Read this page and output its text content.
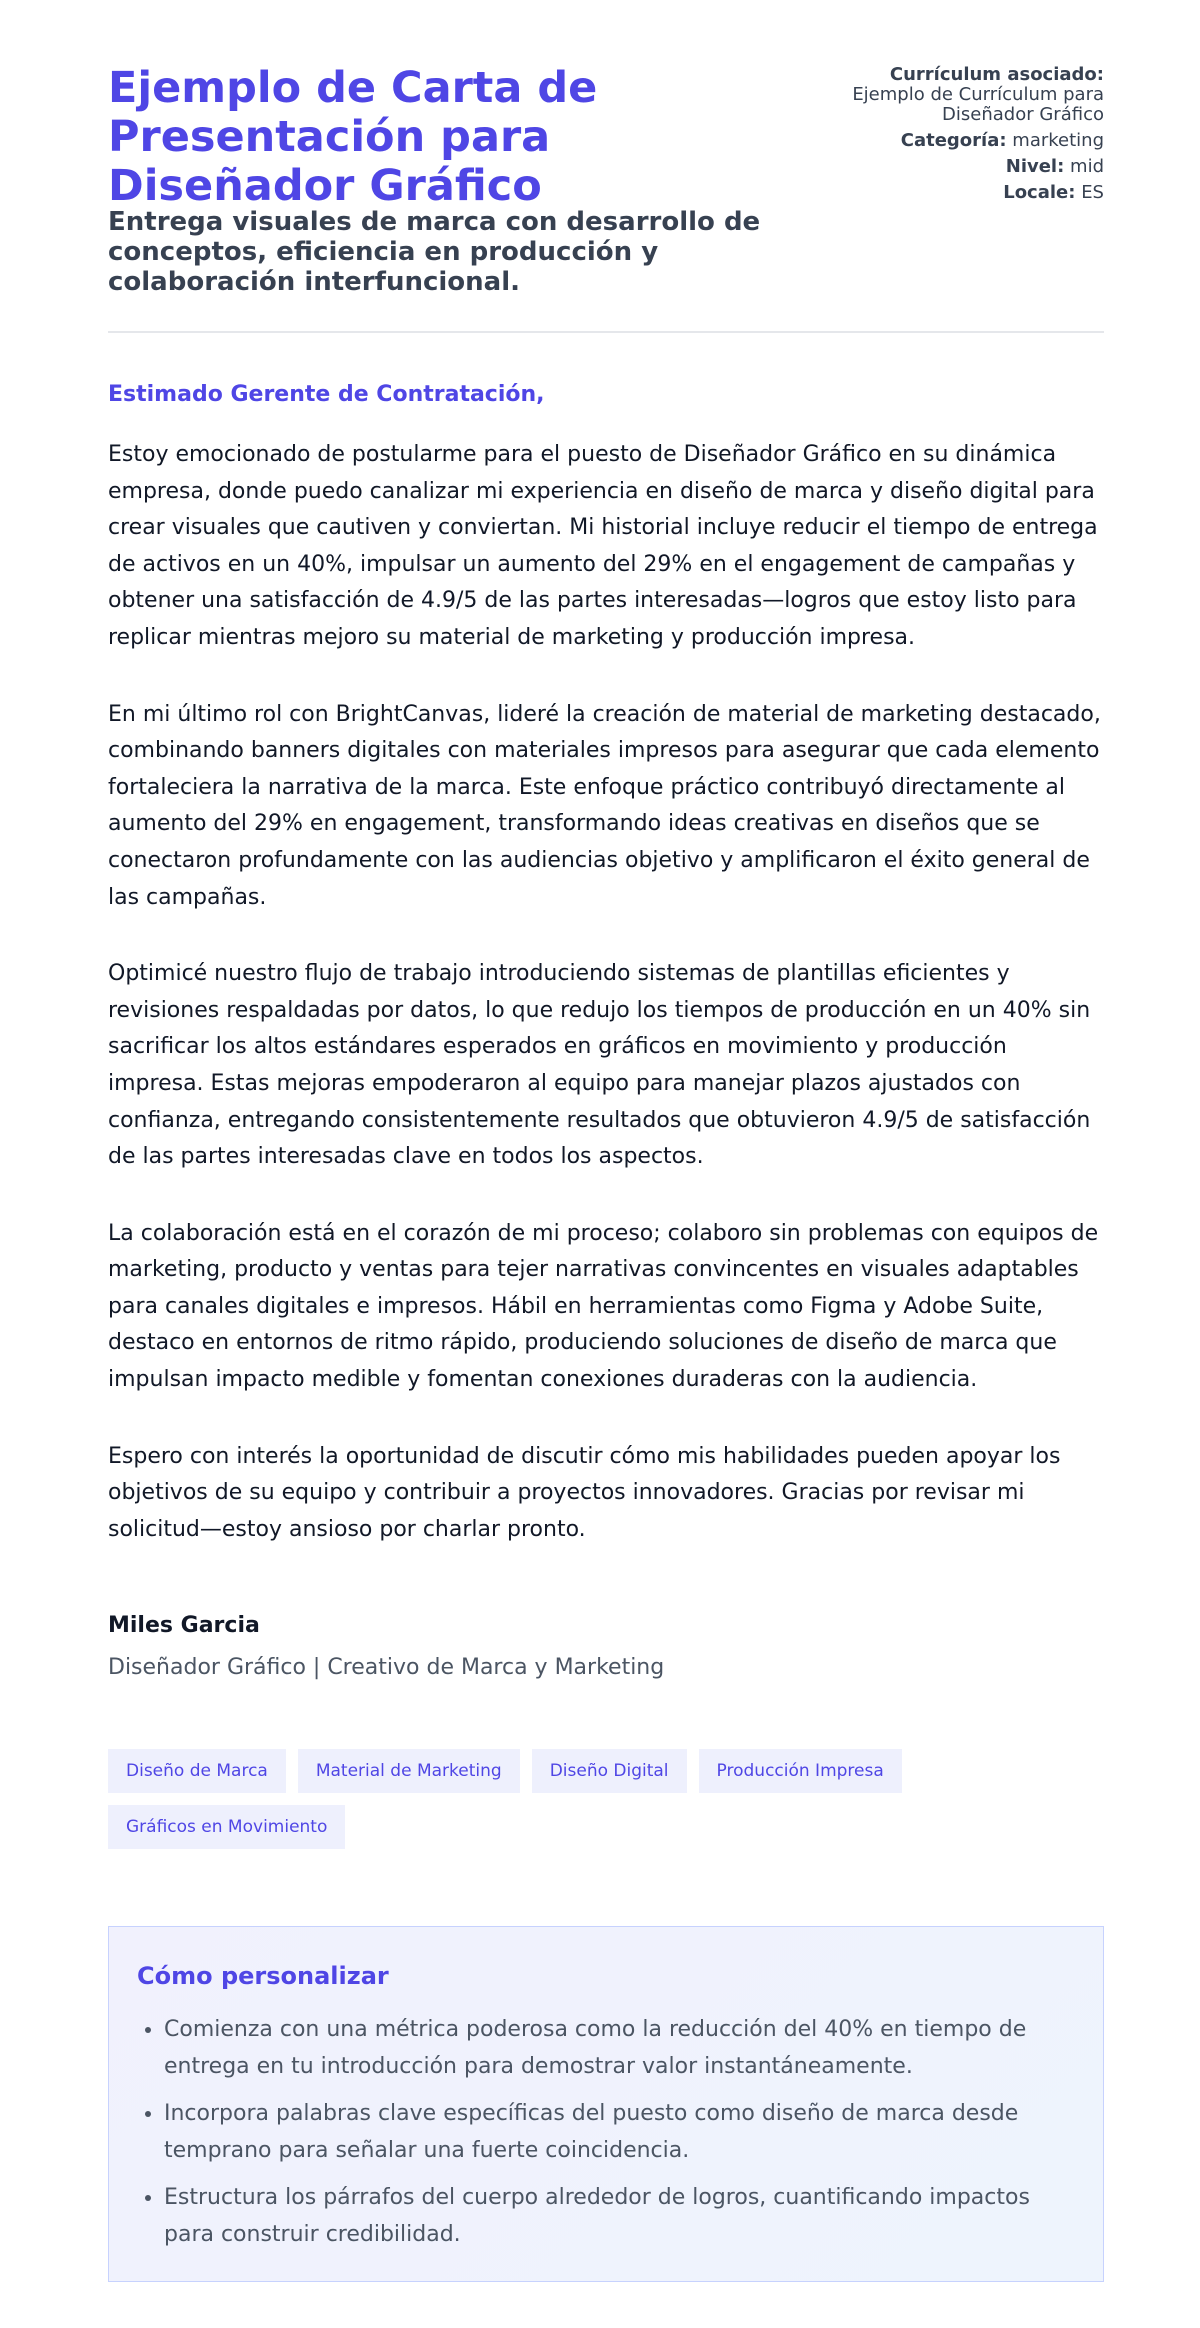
Ejemplo de Carta de Presentación para Diseñador Gráfico
Entrega visuales de marca con desarrollo de conceptos, eficiencia en producción y colaboración interfuncional.
Currículum asociado:
Ejemplo de Currículum para Diseñador Gráfico
Categoría: marketing
Nivel: mid
Locale: ES
Estimado Gerente de Contratación,

Estoy emocionado de postularme para el puesto de Diseñador Gráfico en su dinámica empresa, donde puedo canalizar mi experiencia en diseño de marca y diseño digital para crear visuales que cautiven y conviertan. Mi historial incluye reducir el tiempo de entrega de activos en un 40%, impulsar un aumento del 29% en el engagement de campañas y obtener una satisfacción de 4.9/5 de las partes interesadas—logros que estoy listo para replicar mientras mejoro su material de marketing y producción impresa.

En mi último rol con BrightCanvas, lideré la creación de material de marketing destacado, combinando banners digitales con materiales impresos para asegurar que cada elemento fortaleciera la narrativa de la marca. Este enfoque práctico contribuyó directamente al aumento del 29% en engagement, transformando ideas creativas en diseños que se conectaron profundamente con las audiencias objetivo y amplificaron el éxito general de las campañas.

Optimicé nuestro flujo de trabajo introduciendo sistemas de plantillas eficientes y revisiones respaldadas por datos, lo que redujo los tiempos de producción en un 40% sin sacrificar los altos estándares esperados en gráficos en movimiento y producción impresa. Estas mejoras empoderaron al equipo para manejar plazos ajustados con confianza, entregando consistentemente resultados que obtuvieron 4.9/5 de satisfacción de las partes interesadas clave en todos los aspectos.

La colaboración está en el corazón de mi proceso; colaboro sin problemas con equipos de marketing, producto y ventas para tejer narrativas convincentes en visuales adaptables para canales digitales e impresos. Hábil en herramientas como Figma y Adobe Suite, destaco en entornos de ritmo rápido, produciendo soluciones de diseño de marca que impulsan impacto medible y fomentan conexiones duraderas con la audiencia.

Espero con interés la oportunidad de discutir cómo mis habilidades pueden apoyar los objetivos de su equipo y contribuir a proyectos innovadores. Gracias por revisar mi solicitud—estoy ansioso por charlar pronto.

Miles Garcia
Diseñador Gráfico | Creativo de Marca y Marketing
Diseño de Marca	Material de Marketing	Diseño Digital	Producción Impresa
Gráficos en Movimiento
Cómo personalizar
• Comienza con una métrica poderosa como la reducción del 40% en tiempo de entrega en tu introducción para demostrar valor instantáneamente.
• Incorpora palabras clave específicas del puesto como diseño de marca desde temprano para señalar una fuerte coincidencia.
• Estructura los párrafos del cuerpo alrededor de logros, cuantificando impactos para construir credibilidad.
